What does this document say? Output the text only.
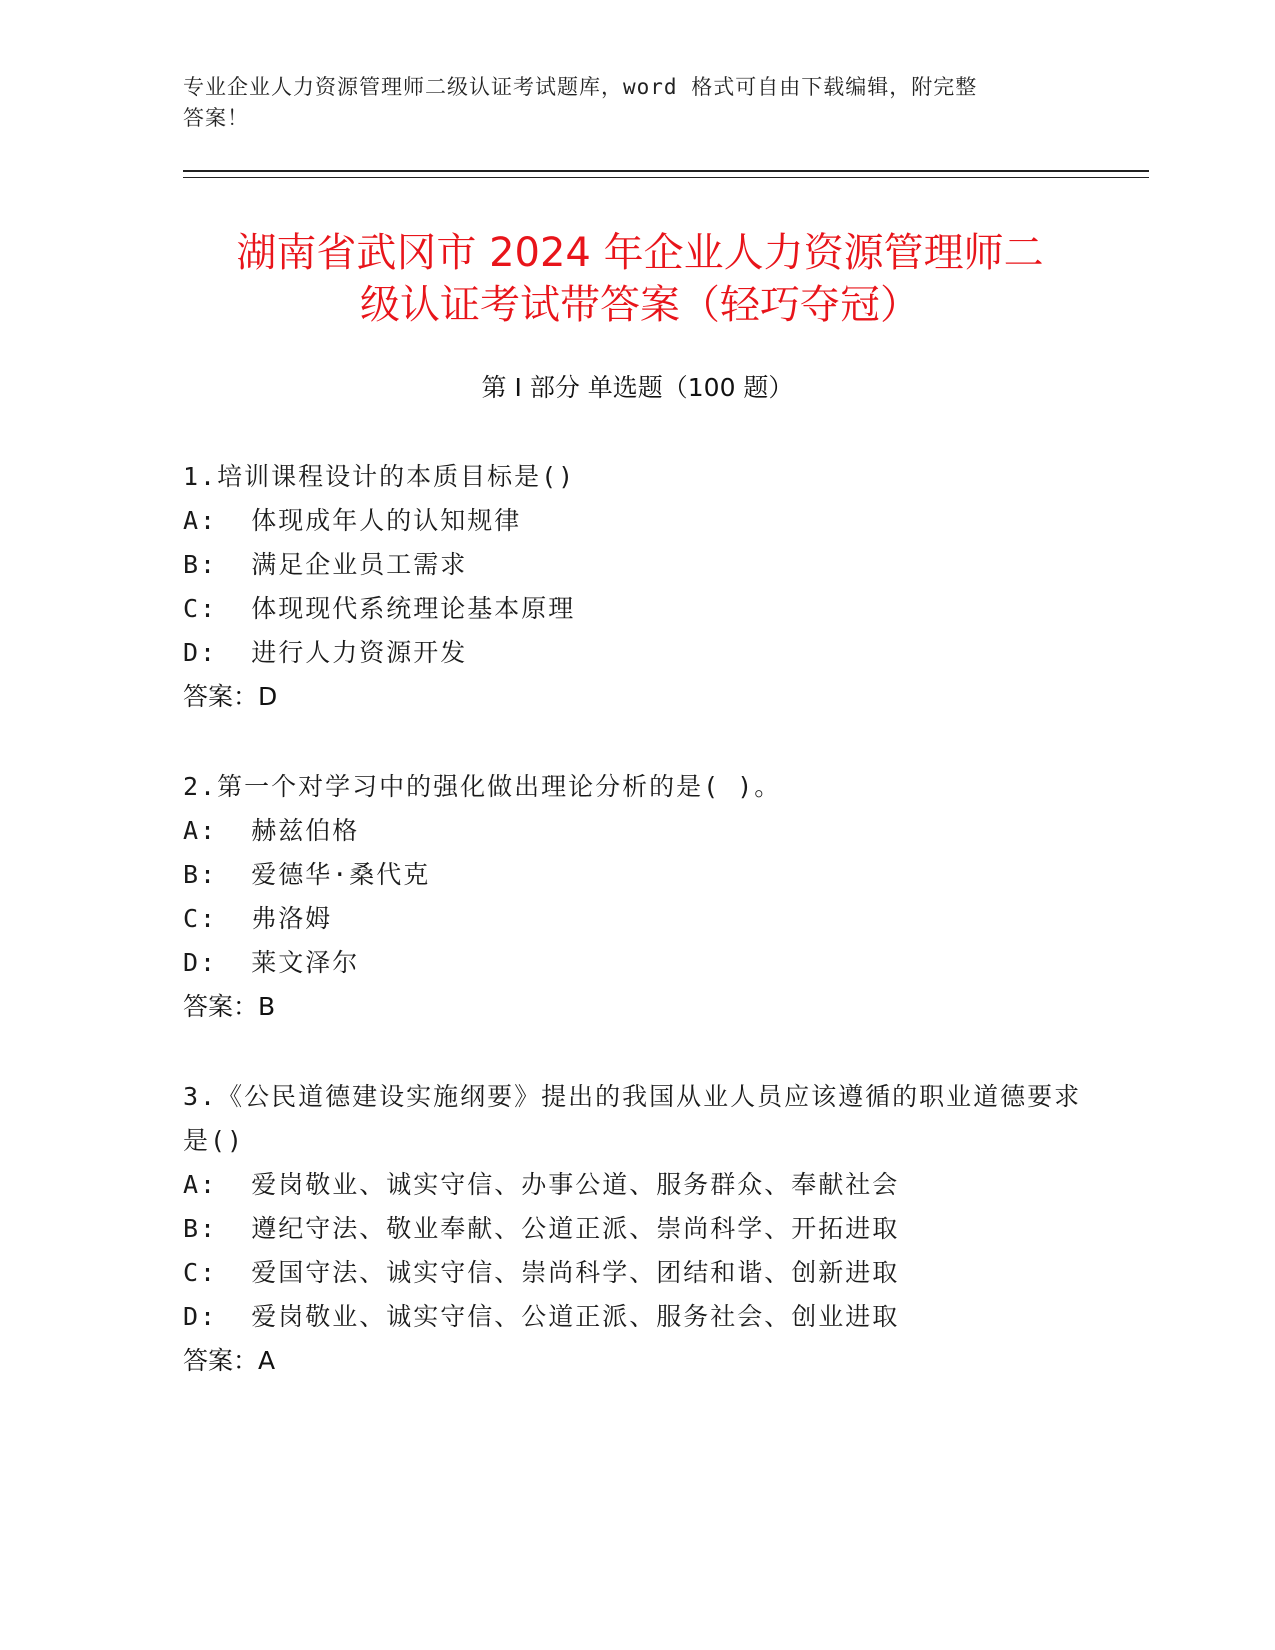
专业企业人力资源管理师二级认证考试题库，word 格式可自由下载编辑，附完整
答案！
湖南省武冈市 2024 年企业人力资源管理师二
级认证考试带答案（轻巧夺冠）
第 I 部分 单选题（100 题）
1.培训课程设计的本质目标是()
A:  体现成年人的认知规律
B:  满足企业员工需求
C:  体现现代系统理论基本原理
D:  进行人力资源开发
答案：D
2.第一个对学习中的强化做出理论分析的是( )。
A:  赫兹伯格
B:  爱德华·桑代克
C:  弗洛姆
D:  莱文泽尔
答案：B
3.《公民道德建设实施纲要》提出的我国从业人员应该遵循的职业道德要求是()
A:  爱岗敬业、诚实守信、办事公道、服务群众、奉献社会
B:  遵纪守法、敬业奉献、公道正派、崇尚科学、开拓进取
C:  爱国守法、诚实守信、崇尚科学、团结和谐、创新进取
D:  爱岗敬业、诚实守信、公道正派、服务社会、创业进取
答案：A
